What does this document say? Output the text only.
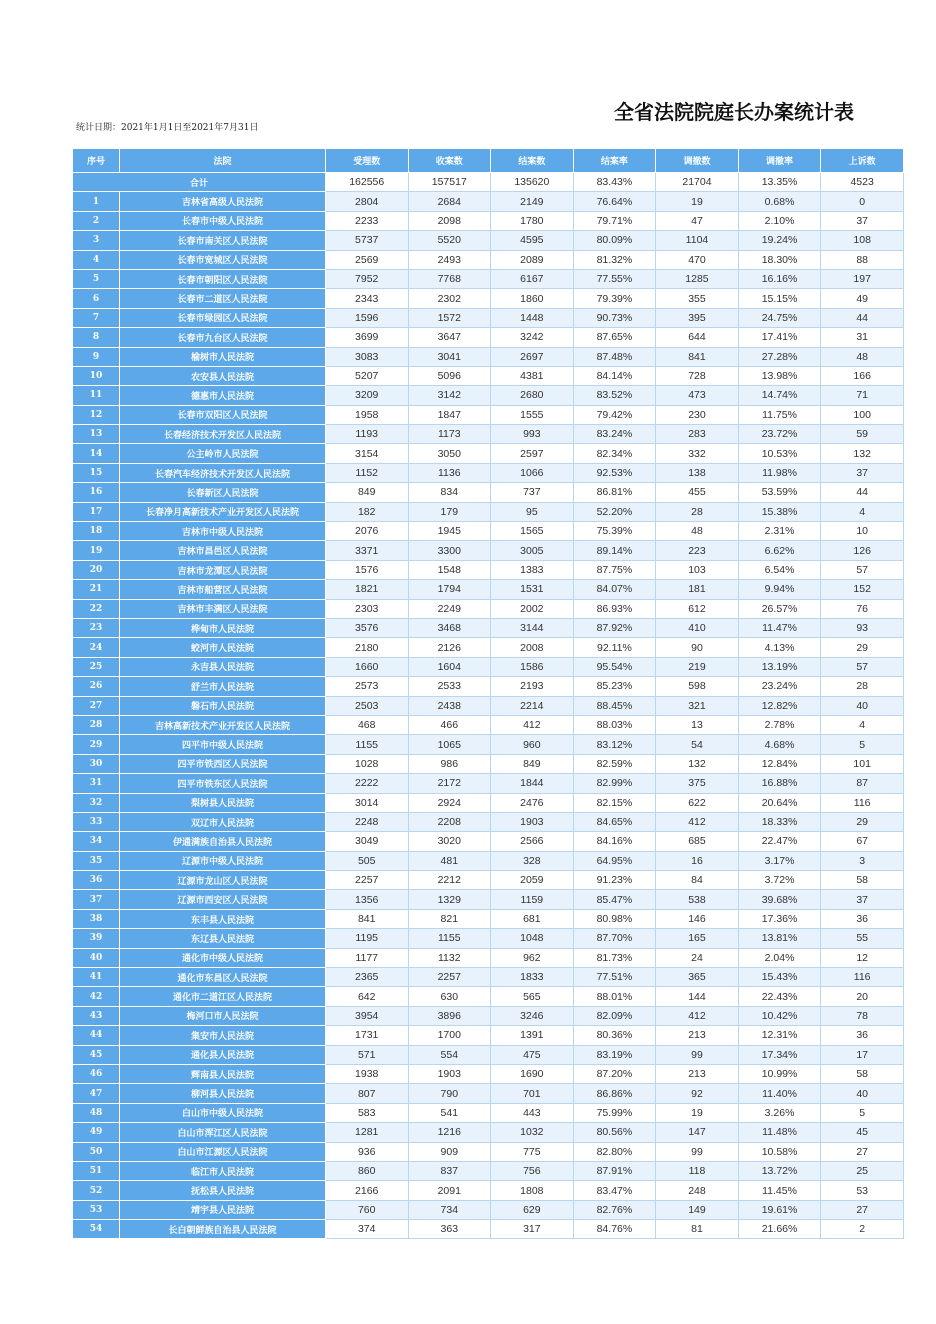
全省法院院庭长办案统计表
统计日期：2021年1月1日至2021年7月31日
序号	法院	受理数	收案数	结案数	结案率	调撤数	调撤率	上诉数
合计		162556	157517	135620	83.43%	21704	13.35%	4523
1	吉林省高级人民法院	2804	2684	2149	76.64%	19	0.68%	0
2	长春市中级人民法院	2233	2098	1780	79.71%	47	2.10%	37
3	长春市南关区人民法院	5737	5520	4595	80.09%	1104	19.24%	108
4	长春市宽城区人民法院	2569	2493	2089	81.32%	470	18.30%	88
5	长春市朝阳区人民法院	7952	7768	6167	77.55%	1285	16.16%	197
6	长春市二道区人民法院	2343	2302	1860	79.39%	355	15.15%	49
7	长春市绿园区人民法院	1596	1572	1448	90.73%	395	24.75%	44
8	长春市九台区人民法院	3699	3647	3242	87.65%	644	17.41%	31
9	榆树市人民法院	3083	3041	2697	87.48%	841	27.28%	48
10	农安县人民法院	5207	5096	4381	84.14%	728	13.98%	166
11	德惠市人民法院	3209	3142	2680	83.52%	473	14.74%	71
12	长春市双阳区人民法院	1958	1847	1555	79.42%	230	11.75%	100
13	长春经济技术开发区人民法院	1193	1173	993	83.24%	283	23.72%	59
14	公主岭市人民法院	3154	3050	2597	82.34%	332	10.53%	132
15	长春汽车经济技术开发区人民法院	1152	1136	1066	92.53%	138	11.98%	37
16	长春新区人民法院	849	834	737	86.81%	455	53.59%	44
17	长春净月高新技术产业开发区人民法院	182	179	95	52.20%	28	15.38%	4
18	吉林市中级人民法院	2076	1945	1565	75.39%	48	2.31%	10
19	吉林市昌邑区人民法院	3371	3300	3005	89.14%	223	6.62%	126
20	吉林市龙潭区人民法院	1576	1548	1383	87.75%	103	6.54%	57
21	吉林市船营区人民法院	1821	1794	1531	84.07%	181	9.94%	152
22	吉林市丰满区人民法院	2303	2249	2002	86.93%	612	26.57%	76
23	桦甸市人民法院	3576	3468	3144	87.92%	410	11.47%	93
24	蛟河市人民法院	2180	2126	2008	92.11%	90	4.13%	29
25	永吉县人民法院	1660	1604	1586	95.54%	219	13.19%	57
26	舒兰市人民法院	2573	2533	2193	85.23%	598	23.24%	28
27	磐石市人民法院	2503	2438	2214	88.45%	321	12.82%	40
28	吉林高新技术产业开发区人民法院	468	466	412	88.03%	13	2.78%	4
29	四平市中级人民法院	1155	1065	960	83.12%	54	4.68%	5
30	四平市铁西区人民法院	1028	986	849	82.59%	132	12.84%	101
31	四平市铁东区人民法院	2222	2172	1844	82.99%	375	16.88%	87
32	梨树县人民法院	3014	2924	2476	82.15%	622	20.64%	116
33	双辽市人民法院	2248	2208	1903	84.65%	412	18.33%	29
34	伊通满族自治县人民法院	3049	3020	2566	84.16%	685	22.47%	67
35	辽源市中级人民法院	505	481	328	64.95%	16	3.17%	3
36	辽源市龙山区人民法院	2257	2212	2059	91.23%	84	3.72%	58
37	辽源市西安区人民法院	1356	1329	1159	85.47%	538	39.68%	37
38	东丰县人民法院	841	821	681	80.98%	146	17.36%	36
39	东辽县人民法院	1195	1155	1048	87.70%	165	13.81%	55
40	通化市中级人民法院	1177	1132	962	81.73%	24	2.04%	12
41	通化市东昌区人民法院	2365	2257	1833	77.51%	365	15.43%	116
42	通化市二道江区人民法院	642	630	565	88.01%	144	22.43%	20
43	梅河口市人民法院	3954	3896	3246	82.09%	412	10.42%	78
44	集安市人民法院	1731	1700	1391	80.36%	213	12.31%	36
45	通化县人民法院	571	554	475	83.19%	99	17.34%	17
46	辉南县人民法院	1938	1903	1690	87.20%	213	10.99%	58
47	柳河县人民法院	807	790	701	86.86%	92	11.40%	40
48	白山市中级人民法院	583	541	443	75.99%	19	3.26%	5
49	白山市浑江区人民法院	1281	1216	1032	80.56%	147	11.48%	45
50	白山市江源区人民法院	936	909	775	82.80%	99	10.58%	27
51	临江市人民法院	860	837	756	87.91%	118	13.72%	25
52	抚松县人民法院	2166	2091	1808	83.47%	248	11.45%	53
53	靖宇县人民法院	760	734	629	82.76%	149	19.61%	27
54	长白朝鲜族自治县人民法院	374	363	317	84.76%	81	21.66%	2
